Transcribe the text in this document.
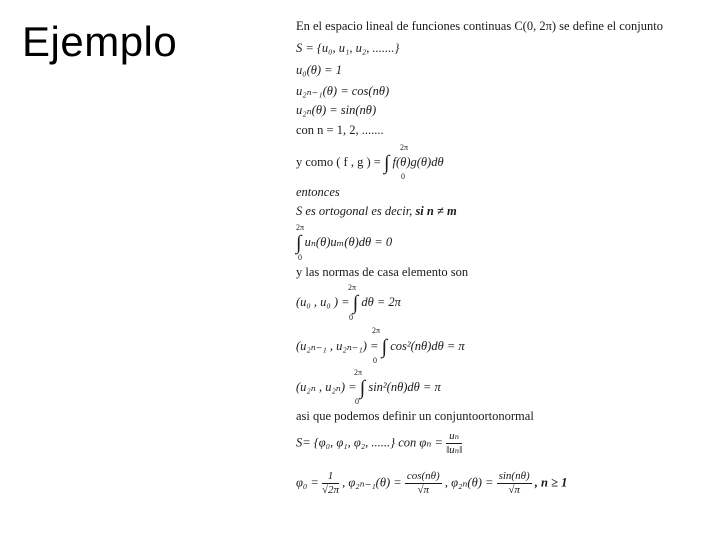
Ejemplo	En el espacio lineal de funciones continuas C(0, 2π) se define el conjunto
S = {u₀, u₁, u₂, .......}
u₀(θ) = 1
u₂ₙ₋₁(θ) = cos(nθ)
u₂ₙ(θ) = sin(nθ)
con n = 1, 2, .......
2π
y como ( f , g ) = ∫ f(θ)g(θ)dθ
0
entonces
S es ortogonal es decir, si n ≠ m
2π
∫ uₙ(θ)uₘ(θ)dθ = 0
0
y las normas de casa elemento son
2π
(u₀ , u₀ ) = ∫ dθ = 2π
0
2π
(u₂ₙ₋₁ , u₂ₙ₋₁) = ∫ cos²(nθ)dθ = π
0
2π
(u₂ₙ , u₂ₙ) = ∫ sin²(nθ)dθ = π
0
asi que podemos definir un conjuntoortonormal
S= {φ₀, φ₁, φ₂, ......} con $\varphi_n = \frac{\text{uₙ}}{\text{‖uₙ‖}}$
$\varphi_0 = \frac{1}{√2\pi}$ , $\varphi_{2n-1}(\theta) = \frac{\cos(n\theta)}{√\pi}$ , $\varphi_{2n}(\theta) = \frac{\sin(n\theta)}{√\pi}$ , n ≥ 1
